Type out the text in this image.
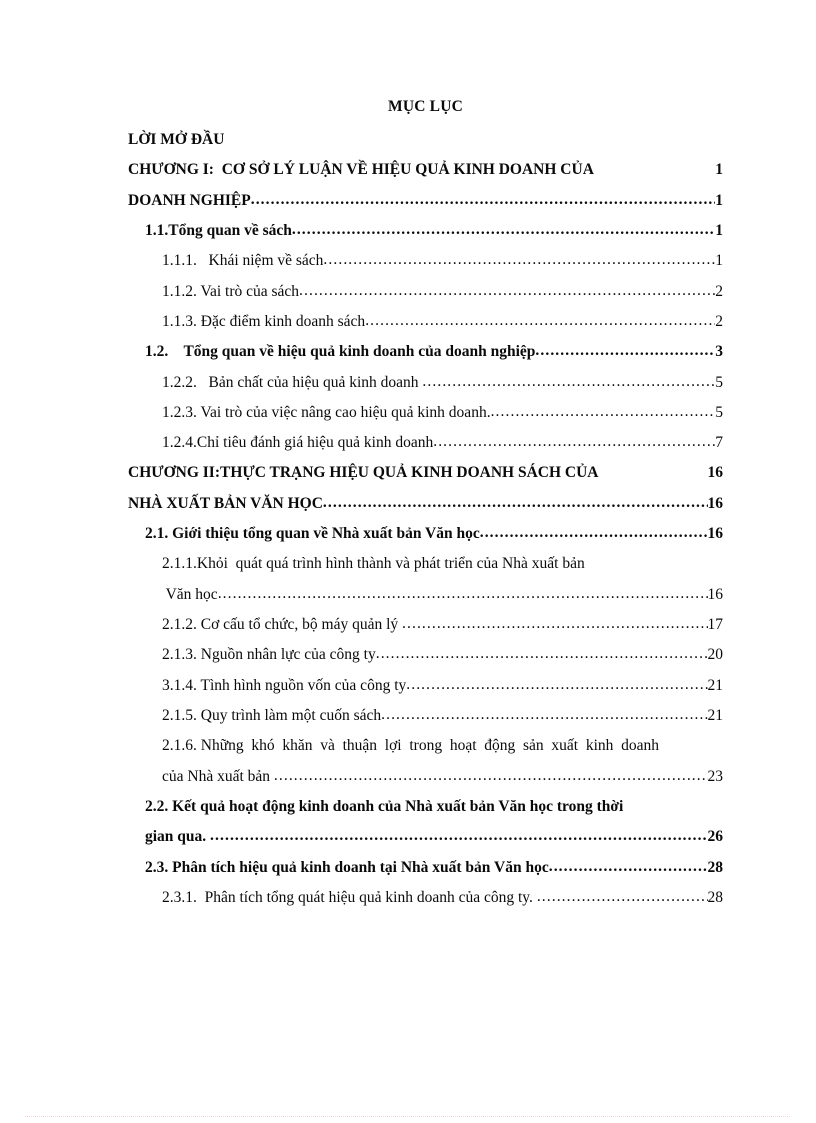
MỤC LỤC
LỜI MỞ ĐẦU
CHƯƠNG I:  CƠ SỞ LÝ LUẬN VỀ HIỆU QUẢ KINH DOANH CỦA	1
DOANH NGHIỆP .....	1
1.1.Tổng quan về sách .....	1
1.1.1.   Khái niệm về sách .....	1
1.1.2. Vai trò của sách .....	2
1.1.3. Đặc điểm kinh doanh sách .....	2
1.2.    Tổng quan về hiệu quả kinh doanh của doanh nghiệp .....	3
1.2.2.   Bản chất của hiệu quả kinh doanh .....	5
1.2.3. Vai trò của việc nâng cao hiệu quả kinh doanh. .....	5
1.2.4.Chỉ tiêu đánh giá hiệu quả kinh doanh .....	7
CHƯƠNG II:THỰC TRẠNG HIỆU QUẢ KINH DOANH SÁCH CỦA	16
NHÀ XUẤT BẢN VĂN HỌC .....	16
2.1. Giới thiệu tổng quan về Nhà xuất bản Văn học .....	16
2.1.1.Khỏi  quát quá trình hình thành và phát triển của Nhà xuất bản
Văn học .....	16
2.1.2. Cơ cấu tổ chức, bộ máy quản lý .....	17
2.1.3. Nguồn nhân lực của công ty .....	20
3.1.4. Tình hình nguồn vốn của công ty .....	21
2.1.5. Quy trình làm một cuốn sách .....	21
2.1.6. Những  khó  khăn  và  thuận  lợi  trong  hoạt  động  sản  xuất  kinh  doanh
của Nhà xuất bản .....	23
2.2. Kết quả hoạt động kinh doanh của Nhà xuất bản Văn học trong thời
gian qua. .....	26
2.3. Phân tích hiệu quả kinh doanh tại Nhà xuất bản Văn học .....	28
2.3.1.  Phân tích tổng quát hiệu quả kinh doanh của công ty. .....	28
